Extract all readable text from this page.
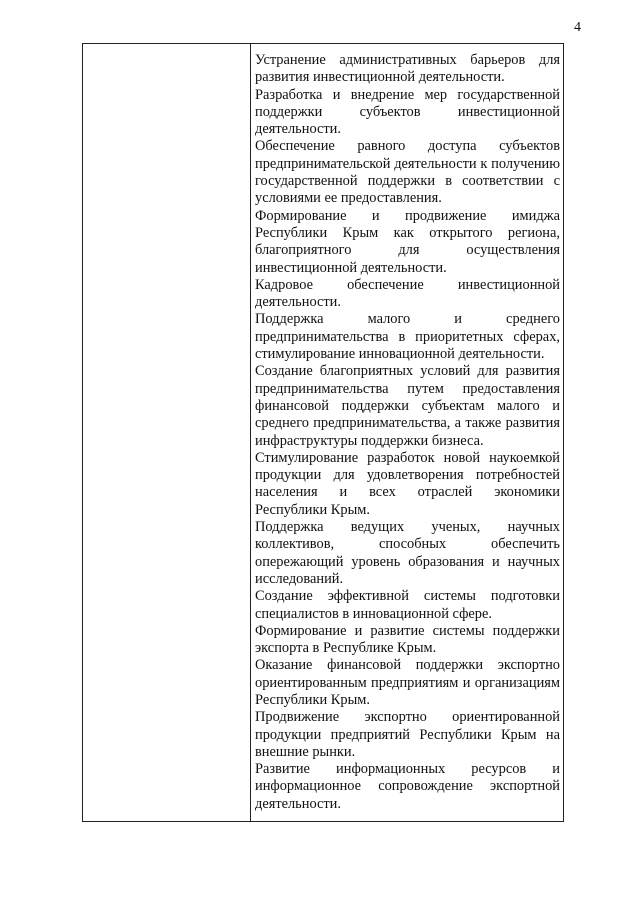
4

Устранение административных барьеров для развития инвестиционной деятельности.

Разработка и внедрение мер государственной поддержки субъектов инвестиционной деятельности.

Обеспечение равного доступа субъектов предпринимательской деятельности к получению государственной поддержки в соответствии с условиями ее предоставления.

Формирование и продвижение имиджа Республики Крым как открытого региона, благоприятного для осуществления инвестиционной деятельности.

Кадровое обеспечение инвестиционной деятельности.

Поддержка малого и среднего предпринимательства в приоритетных сферах, стимулирование инновационной деятельности.

Создание благоприятных условий для развития предпринимательства путем предоставления финансовой поддержки субъектам малого и среднего предпринимательства, а также развития инфраструктуры поддержки бизнеса.

Стимулирование разработок новой наукоемкой продукции для удовлетворения потребностей населения и всех отраслей экономики Республики Крым.

Поддержка ведущих ученых, научных коллективов, способных обеспечить опережающий уровень образования и научных исследований.

Создание эффективной системы подготовки специалистов в инновационной сфере.

Формирование и развитие системы поддержки экспорта в Республике Крым.

Оказание финансовой поддержки экспортно ориентированным предприятиям и организациям Республики Крым.

Продвижение экспортно ориентированной продукции предприятий Республики Крым на внешние рынки.

Развитие информационных ресурсов и информационное сопровождение экспортной деятельности.
